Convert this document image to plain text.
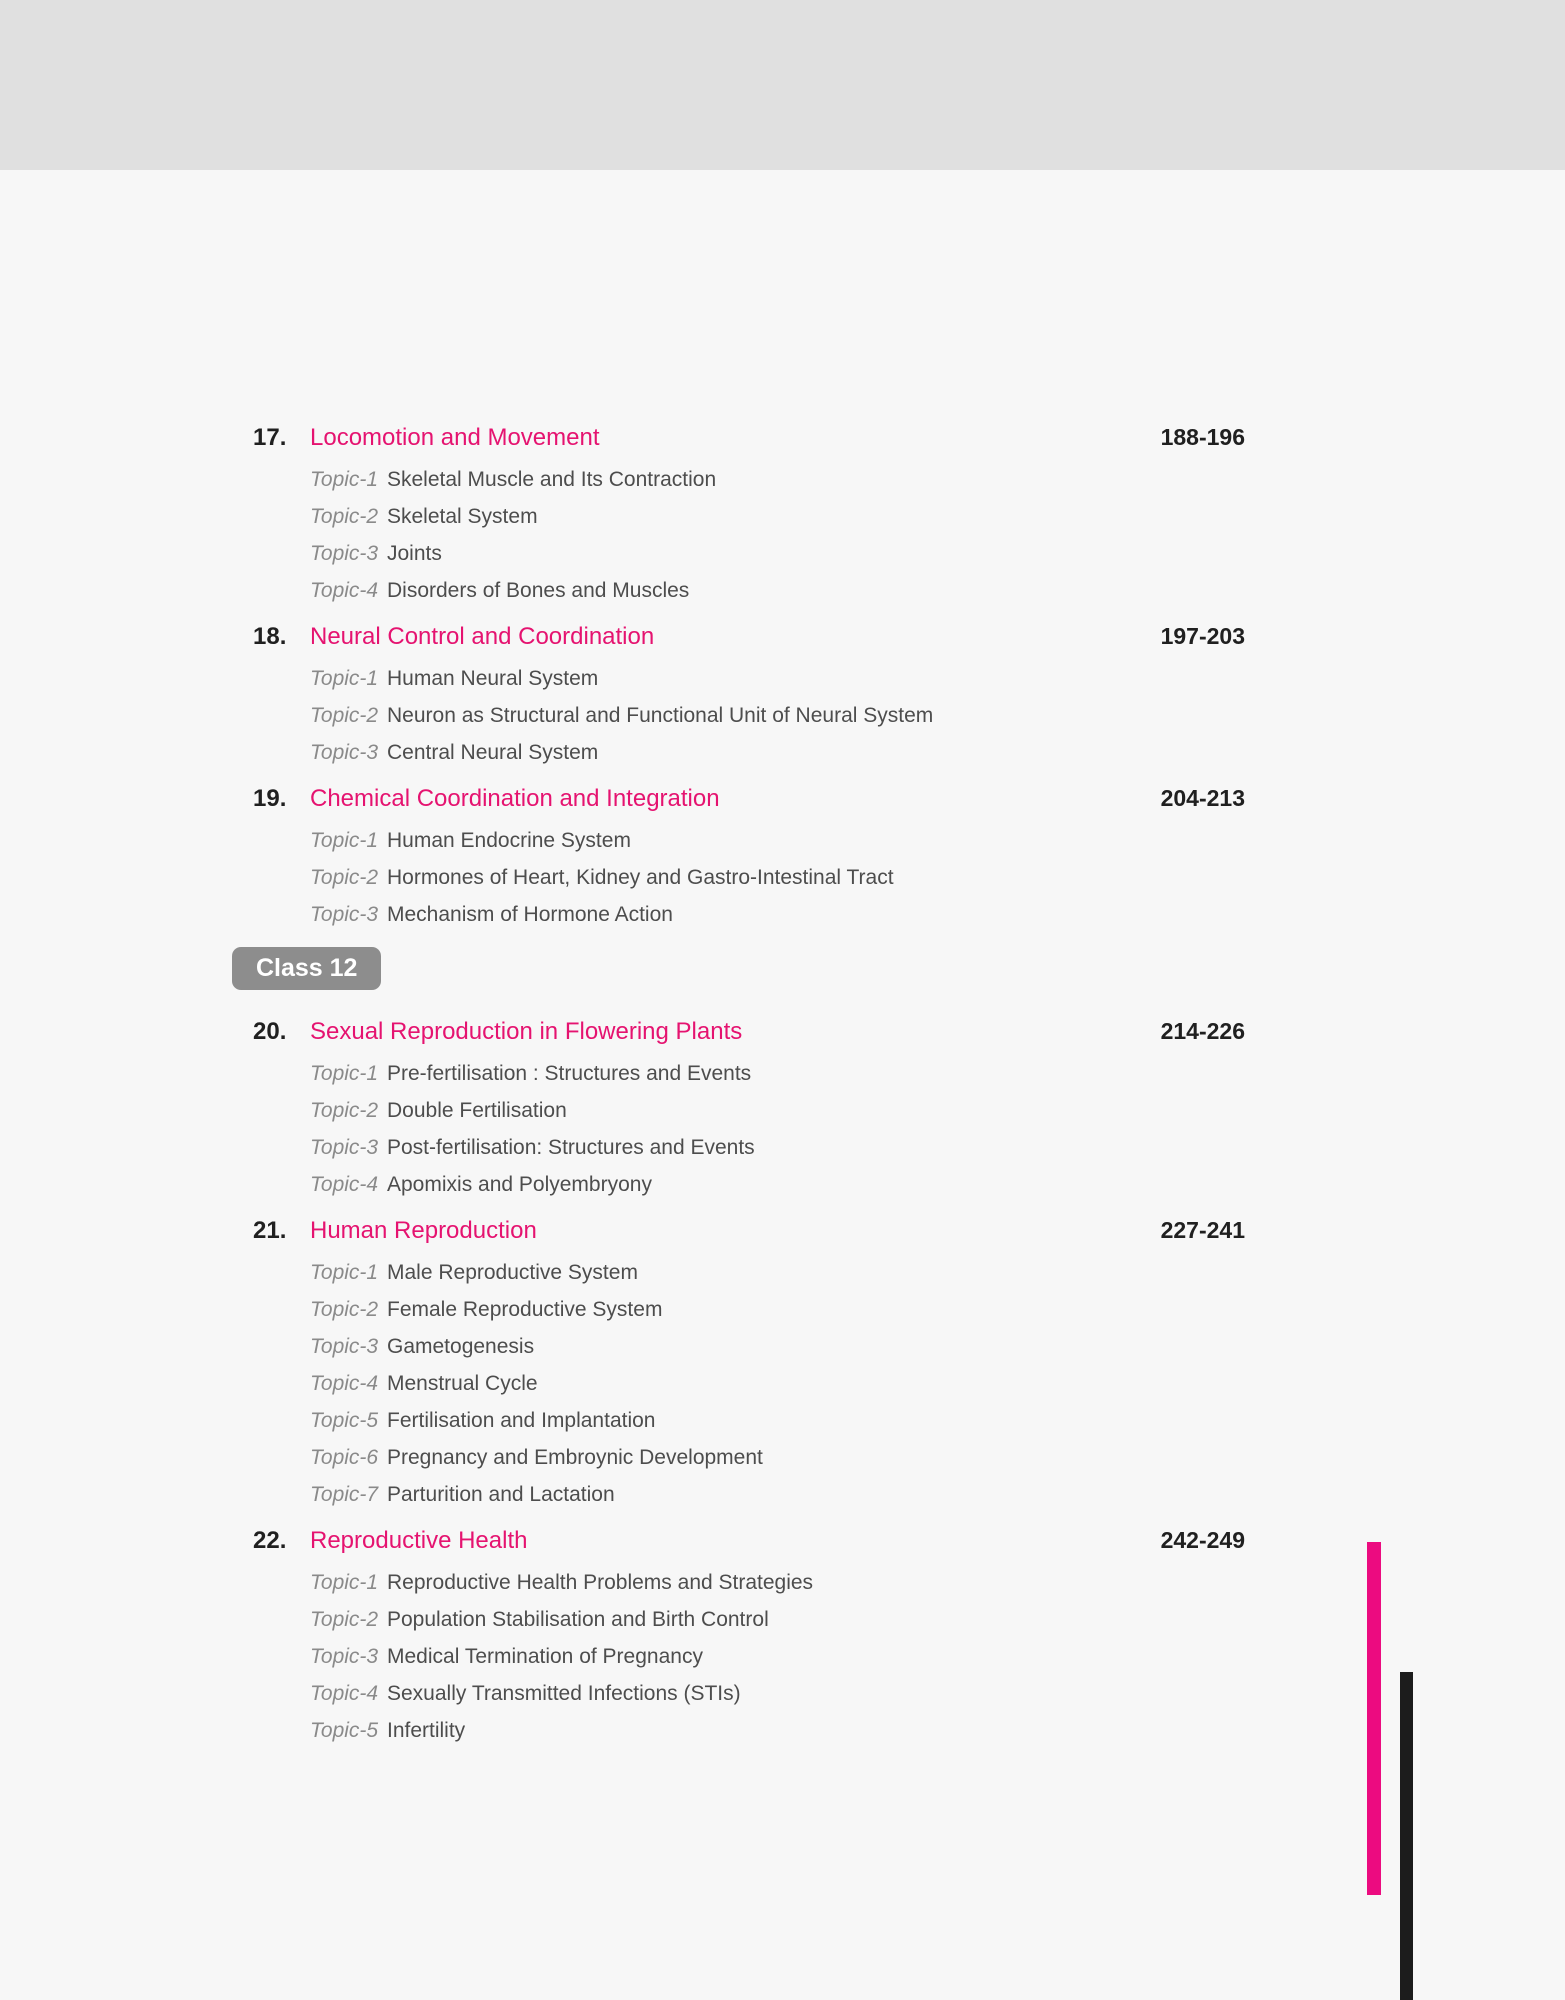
17. Locomotion and Movement	188-196
Topic-1 Skeletal Muscle and Its Contraction
Topic-2 Skeletal System
Topic-3 Joints
Topic-4 Disorders of Bones and Muscles
18. Neural Control and Coordination	197-203
Topic-1 Human Neural System
Topic-2 Neuron as Structural and Functional Unit of Neural System
Topic-3 Central Neural System
19. Chemical Coordination and Integration	204-213
Topic-1 Human Endocrine System
Topic-2 Hormones of Heart, Kidney and Gastro-Intestinal Tract
Topic-3 Mechanism of Hormone Action
Class 12
20. Sexual Reproduction in Flowering Plants	214-226
Topic-1 Pre-fertilisation : Structures and Events
Topic-2 Double Fertilisation
Topic-3 Post-fertilisation: Structures and Events
Topic-4 Apomixis and Polyembryony
21. Human Reproduction	227-241
Topic-1 Male Reproductive System
Topic-2 Female Reproductive System
Topic-3 Gametogenesis
Topic-4 Menstrual Cycle
Topic-5 Fertilisation and Implantation
Topic-6 Pregnancy and Embroynic Development
Topic-7 Parturition and Lactation
22. Reproductive Health	242-249
Topic-1 Reproductive Health Problems and Strategies
Topic-2 Population Stabilisation and Birth Control
Topic-3 Medical Termination of Pregnancy
Topic-4 Sexually Transmitted Infections (STIs)
Topic-5 Infertility
